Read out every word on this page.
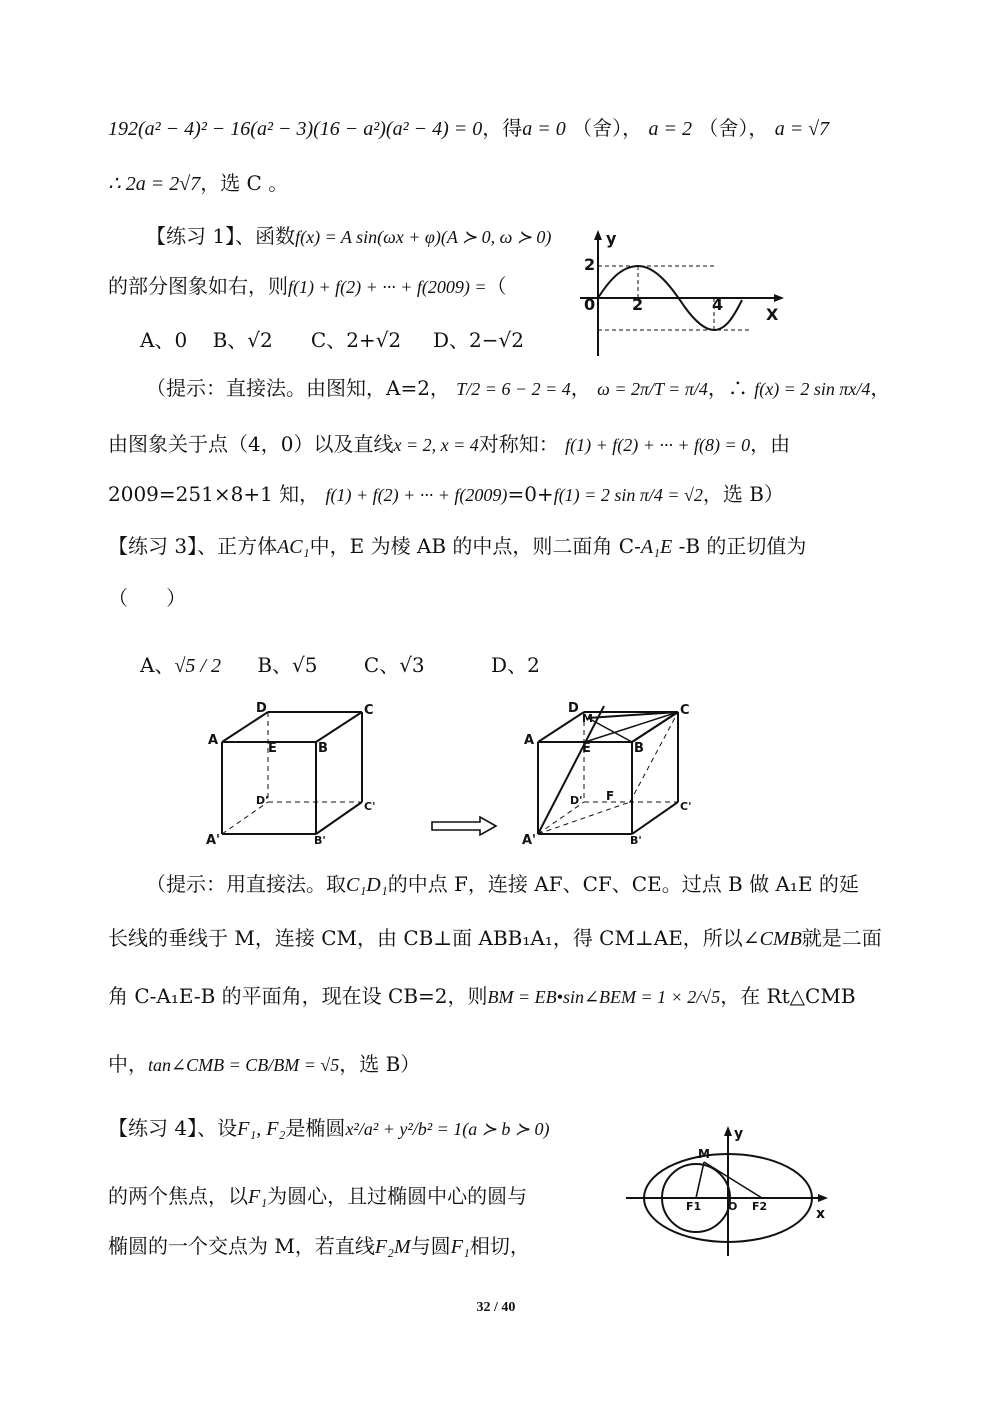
192(a² − 4)² − 16(a² − 3)(16 − a²)(a² − 4) = 0，得a = 0 （舍）， a = 2 （舍）， a = √7
∴ 2a = 2√7，选 C 。
【练习 1】、函数f(x) = A sin(ωx + φ)(A ≻ 0, ω ≻ 0)
的部分图象如右，则f(1) + f(2) + ··· + f(2009) =（
A、0    B、√2      C、2+√2     D、2−√2
y
2
0 2	4
X
（提示：直接法。由图知，A=2， T/2 = 6 − 2 = 4， ω = 2π/T = π/4，∴ f(x) = 2 sin πx/4，
由图象关于点（4，0）以及直线x = 2, x = 4对称知： f(1) + f(2) + ··· + f(8) = 0，由
2009=251×8+1 知， f(1) + f(2) + ··· + f(2009)=0+f(1) = 2 sin π/4 = √2，选 B）
【练习 3】、正方体AC₁中，E 为棱 AB 的中点，则二面角 C-A₁E -B 的正切值为
（      ）
A、√5 / 2 B、√5 C、√3	D、2
D	C
A
E	B
D'	C'
A'	B'
D
M
C
A
E	B
D' F
C'
A'	B'
（提示：用直接法。取C₁D₁的中点 F，连接 AF、CF、CE。过点 B 做 A₁E 的延
长线的垂线于 M，连接 CM，由 CB⊥面 ABB₁A₁，得 CM⊥AE，所以∠CMB就是二面
角 C-A₁E-B 的平面角，现在设 CB=2，则BM = EB•sin∠BEM = 1 × 2/√5，在 Rt△CMB
中，tan∠CMB = CB/BM = √5，选 B）
【练习 4】、设F₁, F₂是椭圆x²/a² + y²/b² = 1(a ≻ b ≻ 0)
的两个焦点，以F₁为圆心，且过椭圆中心的圆与
椭圆的一个交点为 M，若直线F₂M与圆F₁相切，
y
M
F1 O F2	x
32 / 40
